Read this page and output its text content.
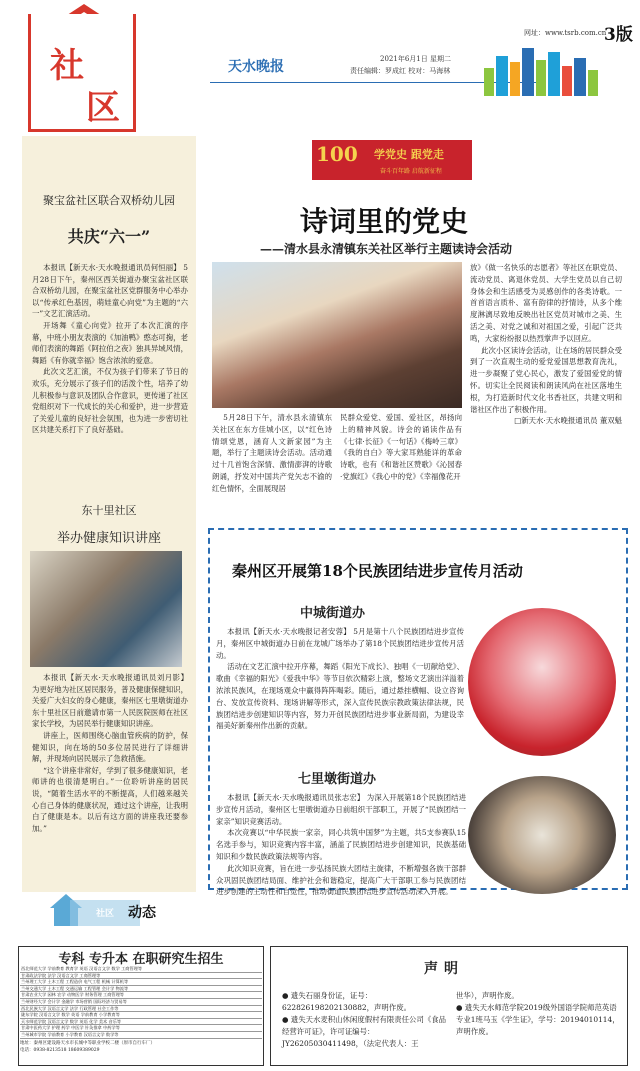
社
区
天水晚报	2021年6月1日 星期二
责任编辑：罗成红 校对：马海林
网址：www.tsrb.com.cn
3版
聚宝盆社区联合双桥幼儿园
共庆“六一”

本报讯【新天水·天水晚报通讯员何恒丽】 5月28日下午，秦州区西关街道办聚宝盆社区联合双桥幼儿园，在聚宝盆社区党群服务中心举办以“传承红色基因，萌娃童心向党”为主题的“六一”文艺汇演活动。

开场舞《童心向党》拉开了本次汇演的序幕，中班小朋友表演的《加油鸭》憨态可掬，老师们表演的舞蹈《阿拉伯之夜》独具异域风情，舞蹈《有你就幸福》饱含浓浓的爱意。

此次文艺汇演，不仅为孩子们带来了节日的欢乐，充分展示了孩子们的活泼个性，培养了幼儿积极参与意识及团队合作意识，更传递了社区党组织对下一代成长的关心和爱护，进一步营造了关爱儿童的良好社会氛围，也为进一步密切社区共建关系打下了良好基础。

东十里社区
举办健康知识讲座

本报讯【新天水·天水晚报通讯员刘月影】 为更好地为社区居民服务，普及健康保健知识，关爱广大妇女的身心健康，秦州区七里墩街道办东十里社区日前邀请市第一人民医院医师在社区家长学校，为居民举行健康知识讲座。

讲座上，医师围绕心脑血管疾病的防护，保健知识，向在场的50多位居民进行了详细讲解，并现场向居民展示了急救措施。

“这个讲座非常好，学到了很多健康知识，老师讲的也很清楚明白。”一位聆听讲座的居民说，“随着生活水平的不断提高，人们越来越关心自己身体的健康状况，通过这个讲座，让我明白了健康是本。以后有这方面的讲座我还要参加。”

社区 动态
100 学党史 跟党走
奋斗百年路 启航新征程
诗词里的党史
——清水县永清镇东关社区举行主题读诗会活动

5月28日下午，清水县永清镇东关社区在东方佳城小区，以“红色诗情颂党恩，涵育人文新家园”为主题，举行了主题读诗会活动。活动通过十几首饱含深情、激情澎湃的诗歌朗诵，抒发对中国共产党矢志不渝的红色情怀，全面展现居

民群众爱党、爱国、爱社区，昂扬向上的精神风貌。诗会的诵读作品有《七律·长征》《一句话》《梅岭三章》《我的自白》等大家耳熟能详的革命诗歌，也有《和谐社区赞歌》《沁园春·党旗红》《我心中的党》《幸福像花开

放》《做一名快乐的志愿者》等社区在职党员、流动党员、离退休党员、大学生党员以自己切身体会和生活感受为灵感创作的各类诗歌。一首首语言质朴、富有韵律的抒情诗，从多个维度淋漓尽致地反映出社区党员对城市之美、生活之美、对党之诚和对祖国之爱，引起广泛共鸣，大家纷纷报以热烈掌声予以回应。

此次小区读诗会活动，让在场的居民群众受到了一次直观生动的爱党爱国思想教育洗礼，进一步凝聚了党心民心，激发了爱国爱党的情怀。切实让全民阅读和朗读风尚在社区落地生根，为打造新时代文化书香社区，共建文明和谐社区作出了积极作用。

□新天水·天水晚报通讯员 董双魁

秦州区开展第18个民族团结进步宣传月活动
中城街道办

本报讯【新天水·天水晚报记者安蓉】 5月是第十八个民族团结进步宣传月，秦州区中城街道办日前在龙城广场举办了第18个民族团结进步宣传月活动。

活动在文艺汇演中拉开序幕，舞蹈《阳光下成长》、独唱《一切献给党》、歌曲《幸福的阳光》《爱我中华》等节目依次精彩上演，整场文艺演出洋溢着浓浓民族风，在现场观众中赢得阵阵喝彩。随后，通过悬挂横幅、设立咨询台、发放宣传资料、现场讲解等形式，深入宣传民族宗教政策法律法规，民族团结进步创建知识等内容，努力开创民族团结进步事业新局面，为建设幸福美好新秦州作出新的贡献。

七里墩街道办

本报讯【新天水·天水晚报通讯员张志宏】 为深入开展第18个民族团结进步宣传月活动，秦州区七里墩街道办日前组织干部职工，开展了“民族团结一家亲”知识竞赛活动。

本次竞赛以“中华民族一家亲，同心共筑中国梦”为主题，共5支参赛队15名选手参与，知识竞赛内容丰富，涵盖了民族团结进步创建知识，民族基础知识和少数民族政策法规等内容。

此次知识竞赛，旨在进一步弘扬民族大团结主旋律，不断增强各族干部群众巩固民族团结局面、维护社会和谐稳定，提高广大干部职工参与民族团结进步创建的主动性和自觉性，推动街道民族团结进步宣传活动深入开展。

专科 专升本 在职研究生招生
西北师范大学 学前教育 教育学 英语 汉语言文学 数学 工商管理等
甘肃政法学院 法学 汉语言文学 工商管理等
兰州理工大学 土木工程 工程造价 电气工程 机械 计算机等
兰州交通大学 土木工程 交通运输 工程管理 会计学 物流等
甘肃农业大学 园林 农学 动物医学 财务管理 工商管理等
兰州财经大学 会计学 金融学 市场营销 国际经济与贸易等
西北民族大学 汉语言文学 法学 行政管理 社会工作等
陇东学院 汉语言文学 数学 英语 学前教育 小学教育等
天水师范学院 汉语言文学 数学 英语 化学 美术 音乐等
甘肃中医药大学 护理 药学 中医学 针灸推拿 中药学等
兰州城市学院 学前教育 小学教育 汉语言文学 数学等
地址：秦州区建设路天水市长城中等职业学校二楼（原市自行车厂）
电话：0938-8213518 18609389029
声明

● 遗失石丽身份证，证号：622826198202130882，声明作废。

● 遗失天水麦积山休闲度假村有限责任公司《食品经营许可证》，许可证编号：JY26205030411498，（法定代表人：王

世华），声明作废。

● 遗失天水师范学院2019级外国语学院师范英语专业1班马玉《学生证》，学号：20194010114，声明作废。
